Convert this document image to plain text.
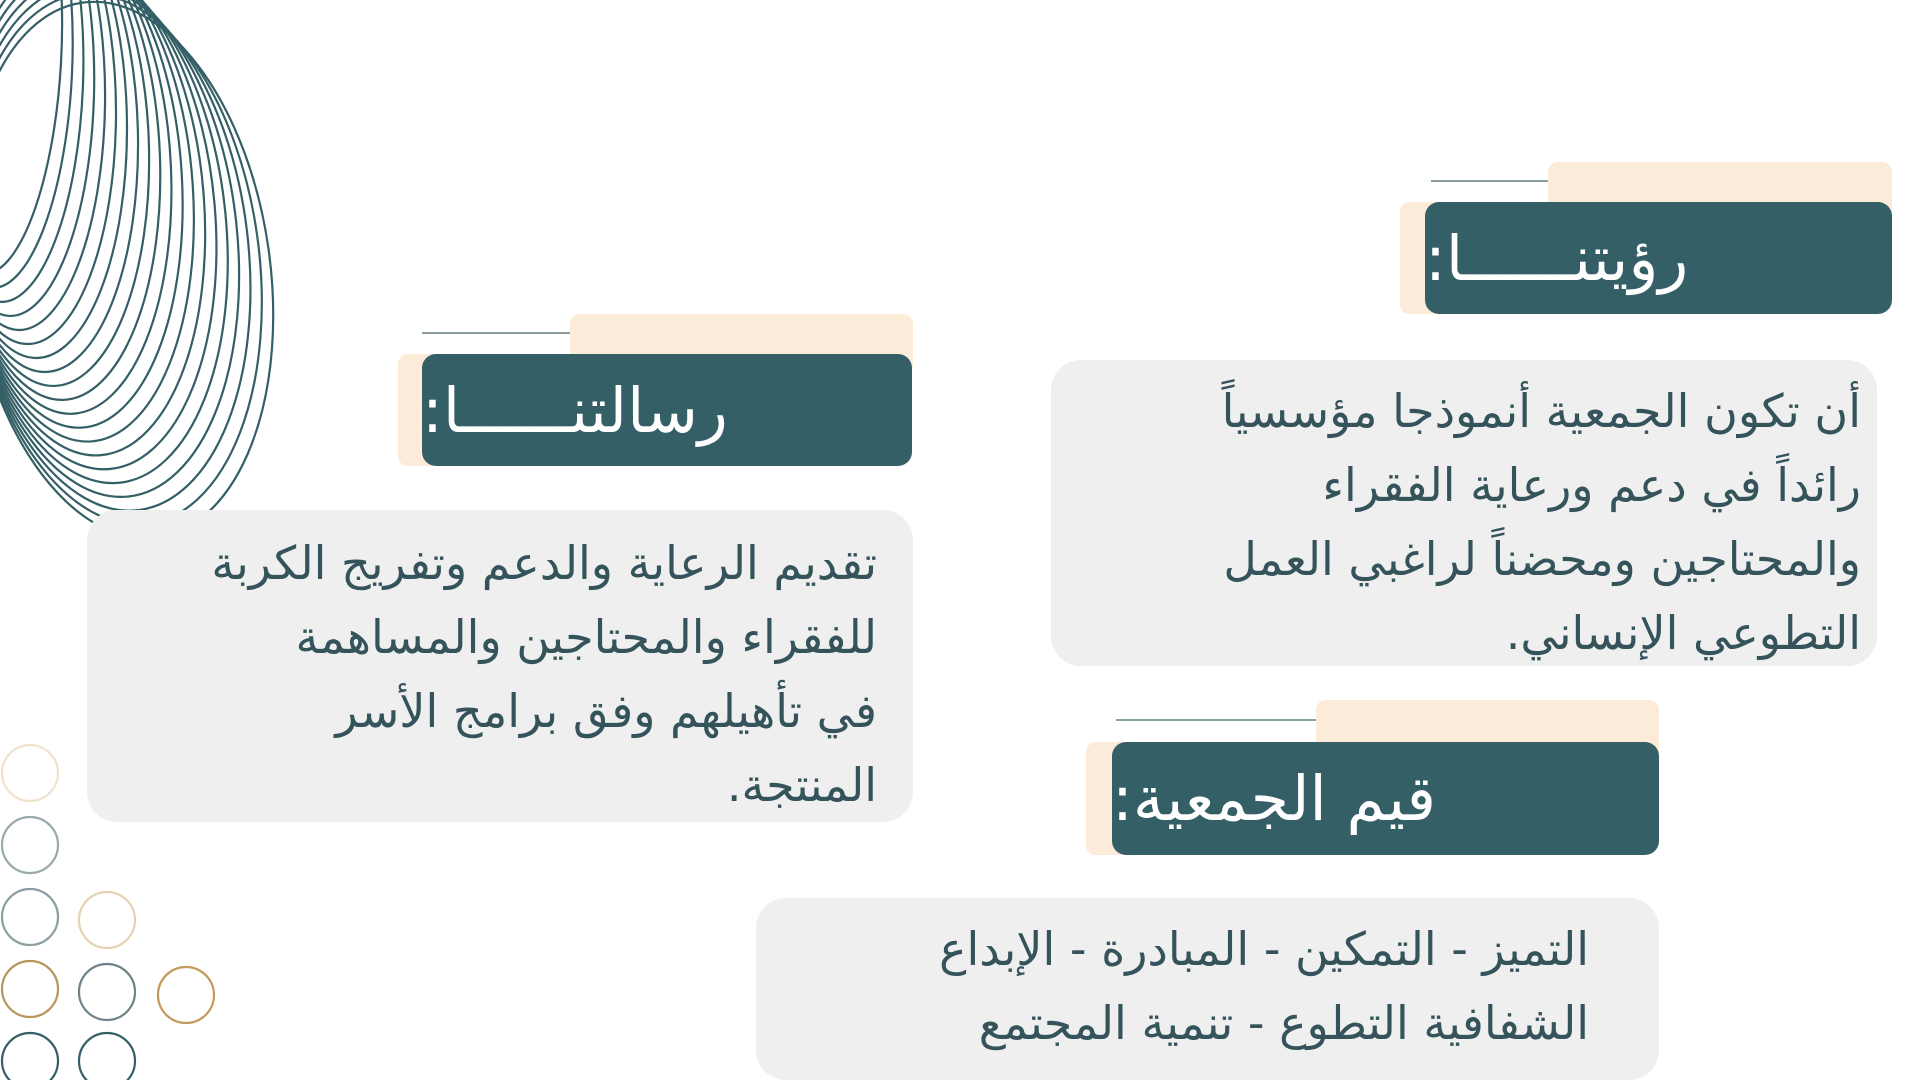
رؤيتنــــــا:
أن تكون الجمعية أنموذجا مؤسسياً
رائداً في دعم ورعاية الفقراء
والمحتاجين ومحضناً لراغبي العمل
التطوعي الإنساني.
رسالتنــــــا:
تقديم الرعاية والدعم وتفريج الكربة
للفقراء والمحتاجين والمساهمة
في تأهيلهم وفق برامج الأسر
المنتجة.	قيم الجمعية:
التميز - التمكين - المبادرة - الإبداع
الشفافية التطوع - تنمية المجتمع
